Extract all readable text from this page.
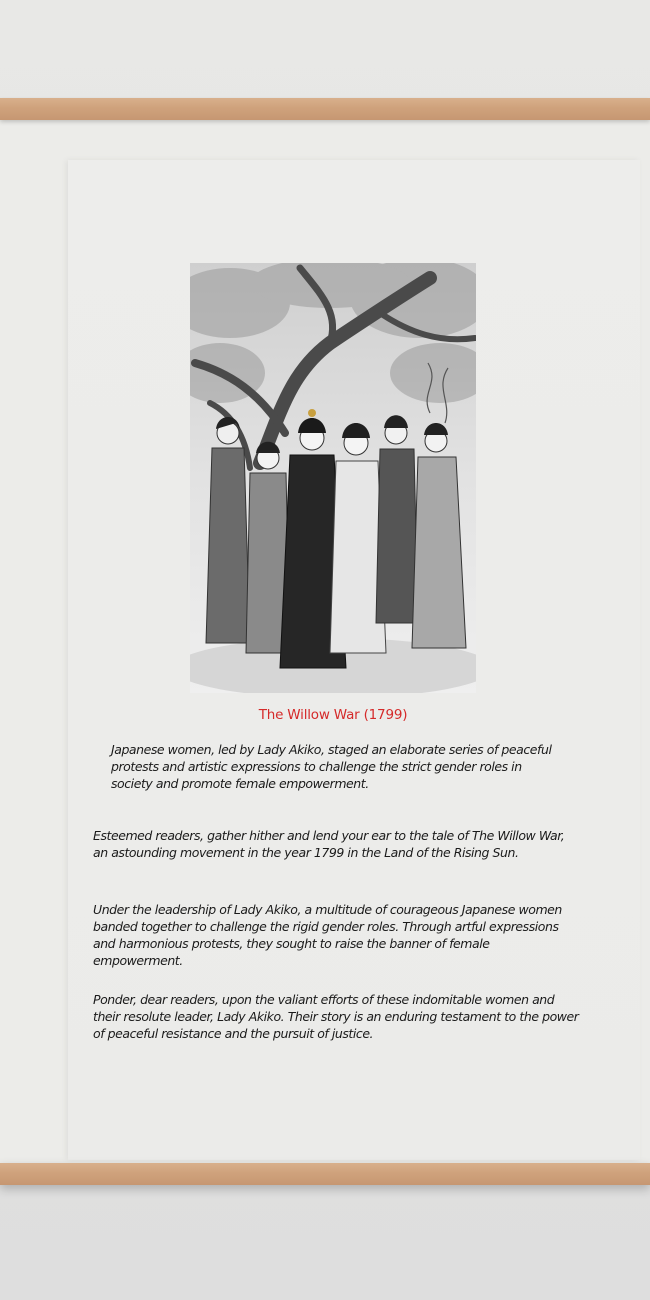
The Willow War (1799)
Japanese women, led by Lady Akiko, staged an elaborate series of peaceful protests and artistic expressions to challenge the strict gender roles in society and promote female empowerment.
Esteemed readers, gather hither and lend your ear to the tale of The Willow War, an astounding movement in the year 1799 in the Land of the Rising Sun.
Under the leadership of Lady Akiko, a multitude of courageous Japanese women banded together to challenge the rigid gender roles. Through artful expressions and harmonious protests, they sought to raise the banner of female empowerment.
Ponder, dear readers, upon the valiant efforts of these indomitable women and their resolute leader, Lady Akiko. Their story is an enduring testament to the power of peaceful resistance and the pursuit of justice.
